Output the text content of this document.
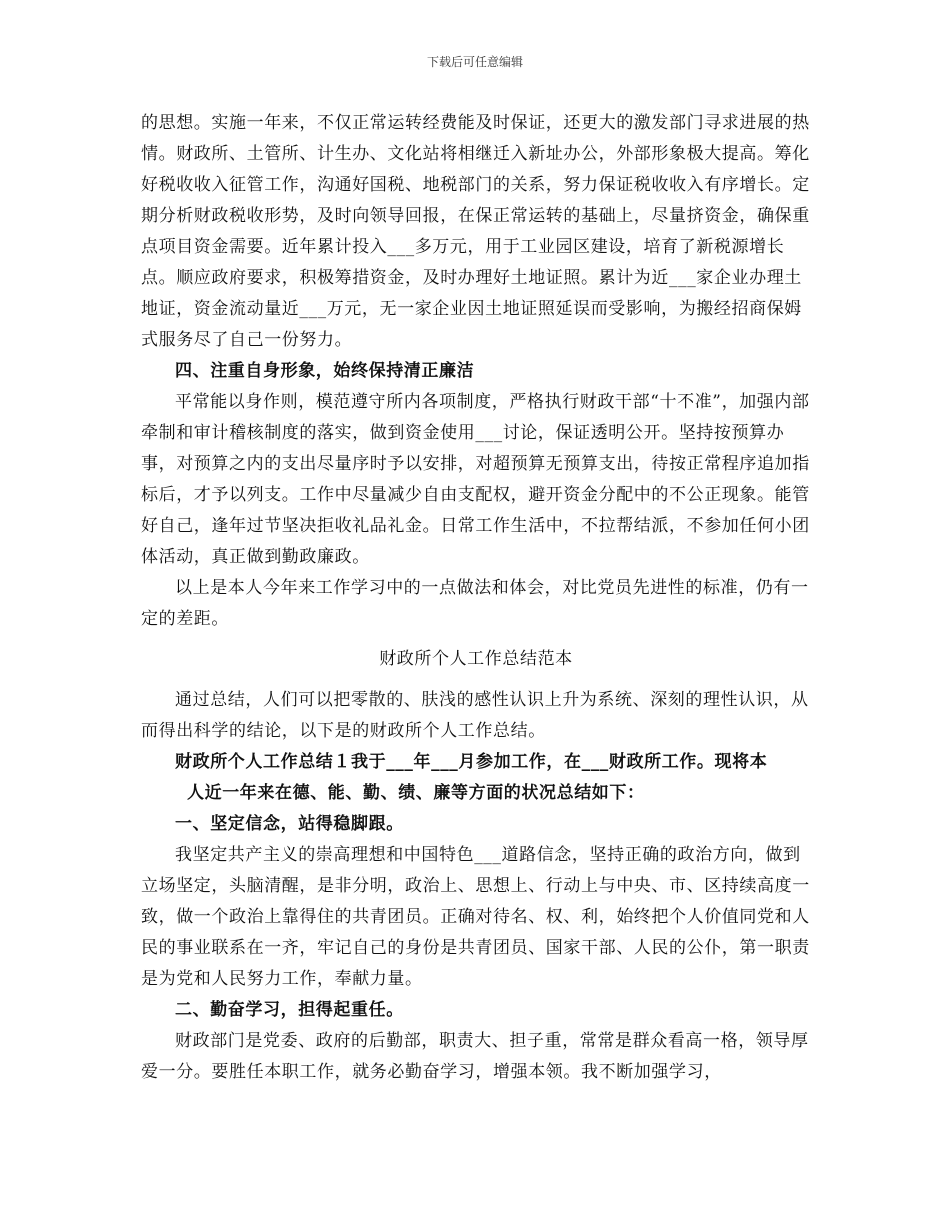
下载后可任意编辑

的思想。实施一年来，不仅正常运转经费能及时保证，还更大的激发部门寻求进展的热情。财政所、土管所、计生办、文化站将相继迁入新址办公，外部形象极大提高。筹化好税收收入征管工作，沟通好国税、地税部门的关系，努力保证税收收入有序增长。定期分析财政税收形势，及时向领导回报，在保正常运转的基础上，尽量挤资金，确保重点项目资金需要。近年累计投入___多万元，用于工业园区建设，培育了新税源增长点。顺应政府要求，积极筹措资金，及时办理好土地证照。累计为近___家企业办理土地证，资金流动量近___万元，无一家企业因土地证照延误而受影响，为搬经招商保姆式服务尽了自己一份努力。

四、注重自身形象，始终保持清正廉洁

平常能以身作则，模范遵守所内各项制度，严格执行财政干部“十不准”，加强内部牵制和审计稽核制度的落实，做到资金使用___讨论，保证透明公开。坚持按预算办事，对预算之内的支出尽量序时予以安排，对超预算无预算支出，待按正常程序追加指标后，才予以列支。工作中尽量减少自由支配权，避开资金分配中的不公正现象。能管好自己，逢年过节坚决拒收礼品礼金。日常工作生活中，不拉帮结派，不参加任何小团体活动，真正做到勤政廉政。

以上是本人今年来工作学习中的一点做法和体会，对比党员先进性的标准，仍有一定的差距。

财政所个人工作总结范本

通过总结，人们可以把零散的、肤浅的感性认识上升为系统、深刻的理性认识，从而得出科学的结论，以下是的财政所个人工作总结。

财政所个人工作总结１我于___年___月参加工作，在___财政所工作。现将本
人近一年来在德、能、勤、绩、廉等方面的状况总结如下：

一、坚定信念，站得稳脚跟。

我坚定共产主义的崇高理想和中国特色___道路信念，坚持正确的政治方向，做到立场坚定，头脑清醒，是非分明，政治上、思想上、行动上与中央、市、区持续高度一致，做一个政治上靠得住的共青团员。正确对待名、权、利，始终把个人价值同党和人民的事业联系在一齐，牢记自己的身份是共青团员、国家干部、人民的公仆，第一职责是为党和人民努力工作，奉献力量。

二、勤奋学习，担得起重任。

财政部门是党委、政府的后勤部，职责大、担子重，常常是群众看高一格，领导厚爱一分。要胜任本职工作，就务必勤奋学习，增强本领。我不断加强学习，
